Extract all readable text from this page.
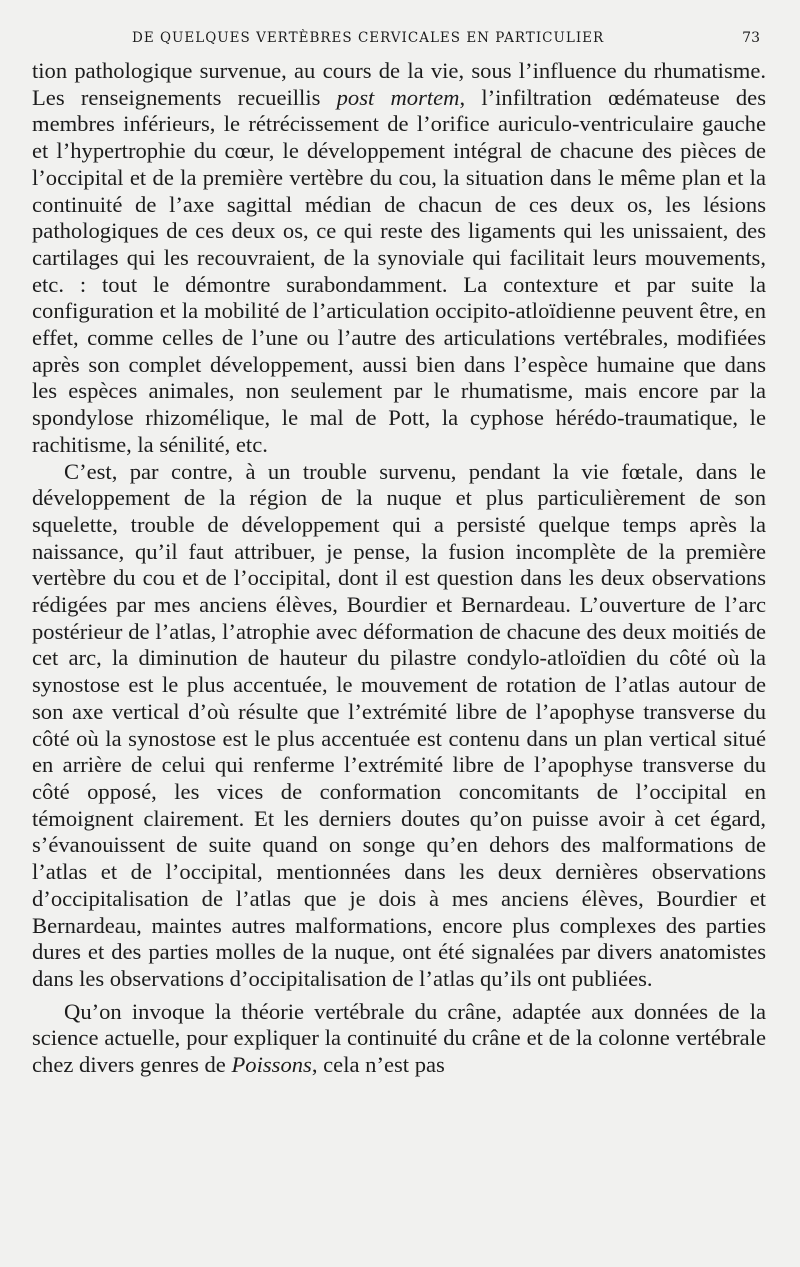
DE QUELQUES VERTÈBRES CERVICALES EN PARTICULIER	73

tion pathologique survenue, au cours de la vie, sous l’influence du rhumatisme. Les renseignements recueillis post mortem, l’infiltration œdémateuse des membres inférieurs, le rétrécissement de l’orifice auriculo-ventriculaire gauche et l’hypertrophie du cœur, le développement intégral de chacune des pièces de l’occipital et de la première vertèbre du cou, la situation dans le même plan et la continuité de l’axe sagittal médian de chacun de ces deux os, les lésions pathologiques de ces deux os, ce qui reste des ligaments qui les unissaient, des cartilages qui les recouvraient, de la synoviale qui facilitait leurs mouvements, etc. : tout le démontre surabondamment. La contexture et par suite la configuration et la mobilité de l’articulation occipito-atloïdienne peuvent être, en effet, comme celles de l’une ou l’autre des articulations vertébrales, modifiées après son complet développement, aussi bien dans l’espèce humaine que dans les espèces animales, non seulement par le rhumatisme, mais encore par la spondylose rhizomélique, le mal de Pott, la cyphose hérédo-traumatique, le rachitisme, la sénilité, etc.

C’est, par contre, à un trouble survenu, pendant la vie fœtale, dans le développement de la région de la nuque et plus particulièrement de son squelette, trouble de développement qui a persisté quelque temps après la naissance, qu’il faut attribuer, je pense, la fusion incomplète de la première vertèbre du cou et de l’occipital, dont il est question dans les deux observations rédigées par mes anciens élèves, Bourdier et Bernardeau. L’ouverture de l’arc postérieur de l’atlas, l’atrophie avec déformation de chacune des deux moitiés de cet arc, la diminution de hauteur du pilastre condylo-atloïdien du côté où la synostose est le plus accentuée, le mouvement de rotation de l’atlas autour de son axe vertical d’où résulte que l’extrémité libre de l’apophyse transverse du côté où la synostose est le plus accentuée est contenu dans un plan vertical situé en arrière de celui qui renferme l’extrémité libre de l’apophyse transverse du côté opposé, les vices de conformation concomitants de l’occipital en témoignent clairement. Et les derniers doutes qu’on puisse avoir à cet égard, s’évanouissent de suite quand on songe qu’en dehors des malformations de l’atlas et de l’occipital, mentionnées dans les deux dernières observations d’occipitalisation de l’atlas que je dois à mes anciens élèves, Bourdier et Bernardeau, maintes autres malformations, encore plus complexes des parties dures et des parties molles de la nuque, ont été signalées par divers anatomistes dans les observations d’occipitalisation de l’atlas qu’ils ont publiées.

Qu’on invoque la théorie vertébrale du crâne, adaptée aux données de la science actuelle, pour expliquer la continuité du crâne et de la colonne vertébrale chez divers genres de Poissons, cela n’est pas
